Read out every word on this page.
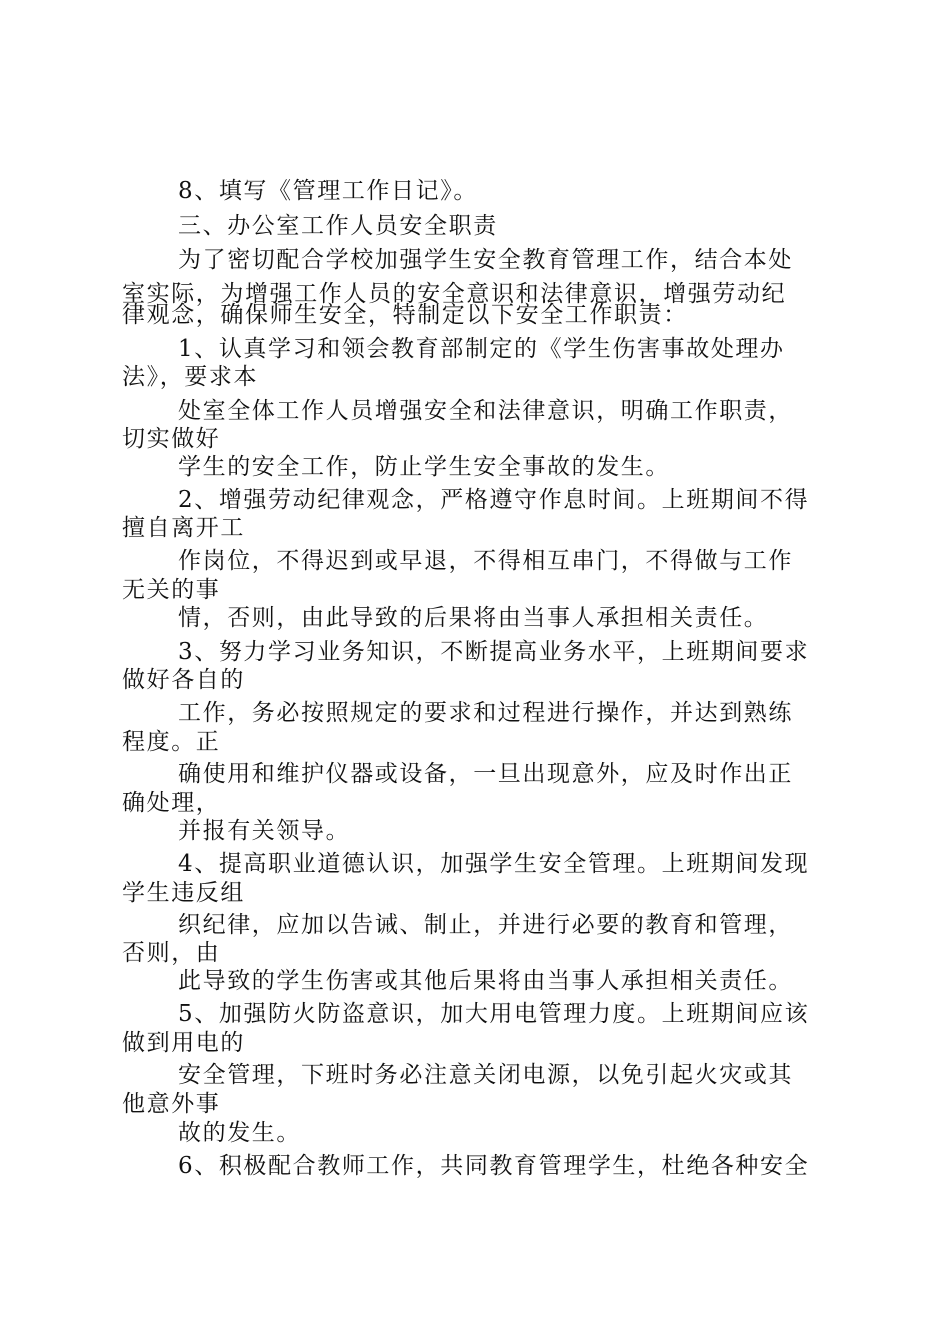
8、填写《管理工作日记》。
三、办公室工作人员安全职责
为了密切配合学校加强学生安全教育管理工作，结合本处
室实际，为增强工作人员的安全意识和法律意识，增强劳动纪
律观念，确保师生安全，特制定以下安全工作职责：
1、认真学习和领会教育部制定的《学生伤害事故处理办
法》，要求本
处室全体工作人员增强安全和法律意识，明确工作职责，
切实做好
学生的安全工作，防止学生安全事故的发生。
2、增强劳动纪律观念，严格遵守作息时间。上班期间不得
擅自离开工
作岗位，不得迟到或早退，不得相互串门，不得做与工作
无关的事
情，否则，由此导致的后果将由当事人承担相关责任。
3、努力学习业务知识，不断提高业务水平，上班期间要求
做好各自的
工作，务必按照规定的要求和过程进行操作，并达到熟练
程度。正
确使用和维护仪器或设备，一旦出现意外，应及时作出正
确处理，
并报有关领导。
4、提高职业道德认识，加强学生安全管理。上班期间发现
学生违反组
织纪律，应加以告诫、制止，并进行必要的教育和管理，
否则，由
此导致的学生伤害或其他后果将由当事人承担相关责任。
5、加强防火防盗意识，加大用电管理力度。上班期间应该
做到用电的
安全管理，下班时务必注意关闭电源，以免引起火灾或其
他意外事
故的发生。
6、积极配合教师工作，共同教育管理学生，杜绝各种安全
